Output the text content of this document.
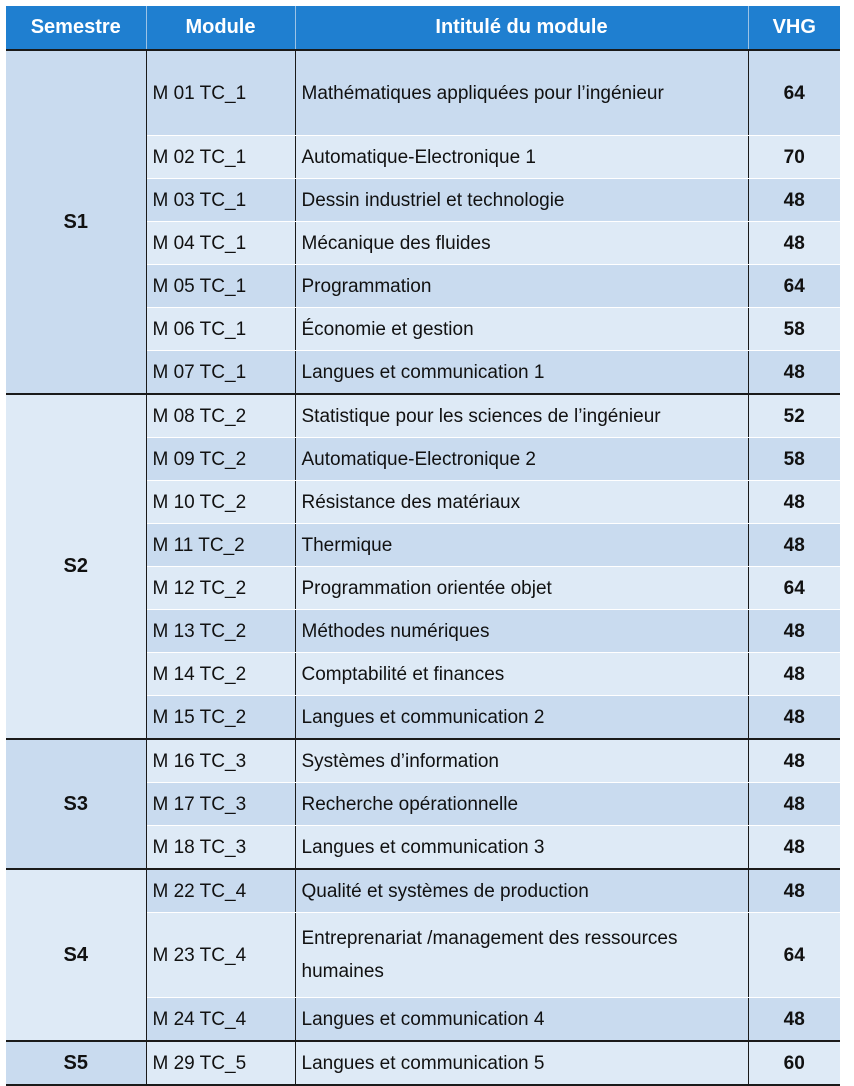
Semestre	Module	Intitulé du module	VHG
S1	M 01 TC_1	Mathématiques appliquées pour l’ingénieur	64
	M 02 TC_1	Automatique-Electronique 1	70
	M 03 TC_1	Dessin industriel et technologie	48
	M 04 TC_1	Mécanique des fluides	48
	M 05 TC_1	Programmation	64
	M 06 TC_1	Économie et gestion	58
	M 07 TC_1	Langues et communication 1	48
S2	M 08 TC_2	Statistique pour les sciences de l’ingénieur	52
	M 09 TC_2	Automatique-Electronique 2	58
	M 10 TC_2	Résistance des matériaux	48
	M 11 TC_2	Thermique	48
	M 12 TC_2	Programmation orientée objet	64
	M 13 TC_2	Méthodes numériques	48
	M 14 TC_2	Comptabilité et finances	48
	M 15 TC_2	Langues et communication 2	48
S3	M 16 TC_3	Systèmes d’information	48
	M 17 TC_3	Recherche opérationnelle	48
	M 18 TC_3	Langues et communication 3	48
S4	M 22 TC_4	Qualité et systèmes de production	48
	M 23 TC_4	Entreprenariat /management des ressources humaines	64
	M 24 TC_4	Langues et communication 4	48
S5	M 29 TC_5	Langues et communication 5	60
